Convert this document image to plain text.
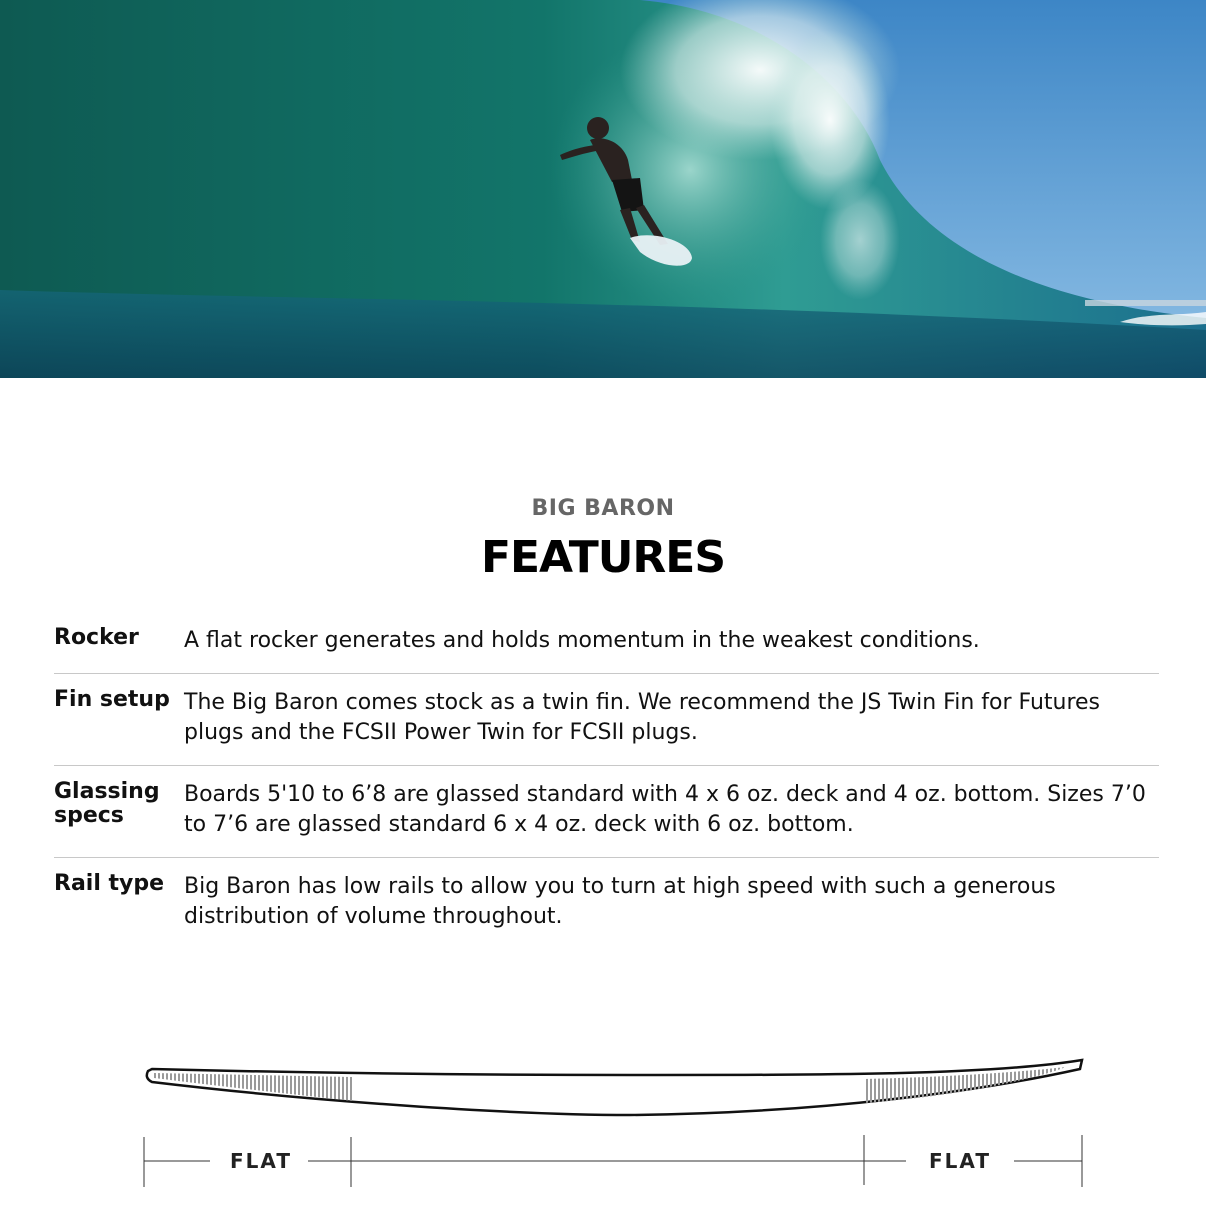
BIG BARON
FEATURES
Rocker	A flat rocker generates and holds momentum in the weakest conditions.
Fin setup The Big Baron comes stock as a twin fin. We recommend the JS Twin Fin for Futures plugs and the FCSII Power Twin for FCSII plugs.
Glassing specs
Boards 5'10 to 6’8 are glassed standard with 4 x 6 oz. deck and 4 oz. bottom. Sizes 7’0 to 7’6 are glassed standard 6 x 4 oz. deck with 6 oz. bottom.
Rail type Big Baron has low rails to allow you to turn at high speed with such a generous distribution of volume throughout.
FLAT	FLAT
